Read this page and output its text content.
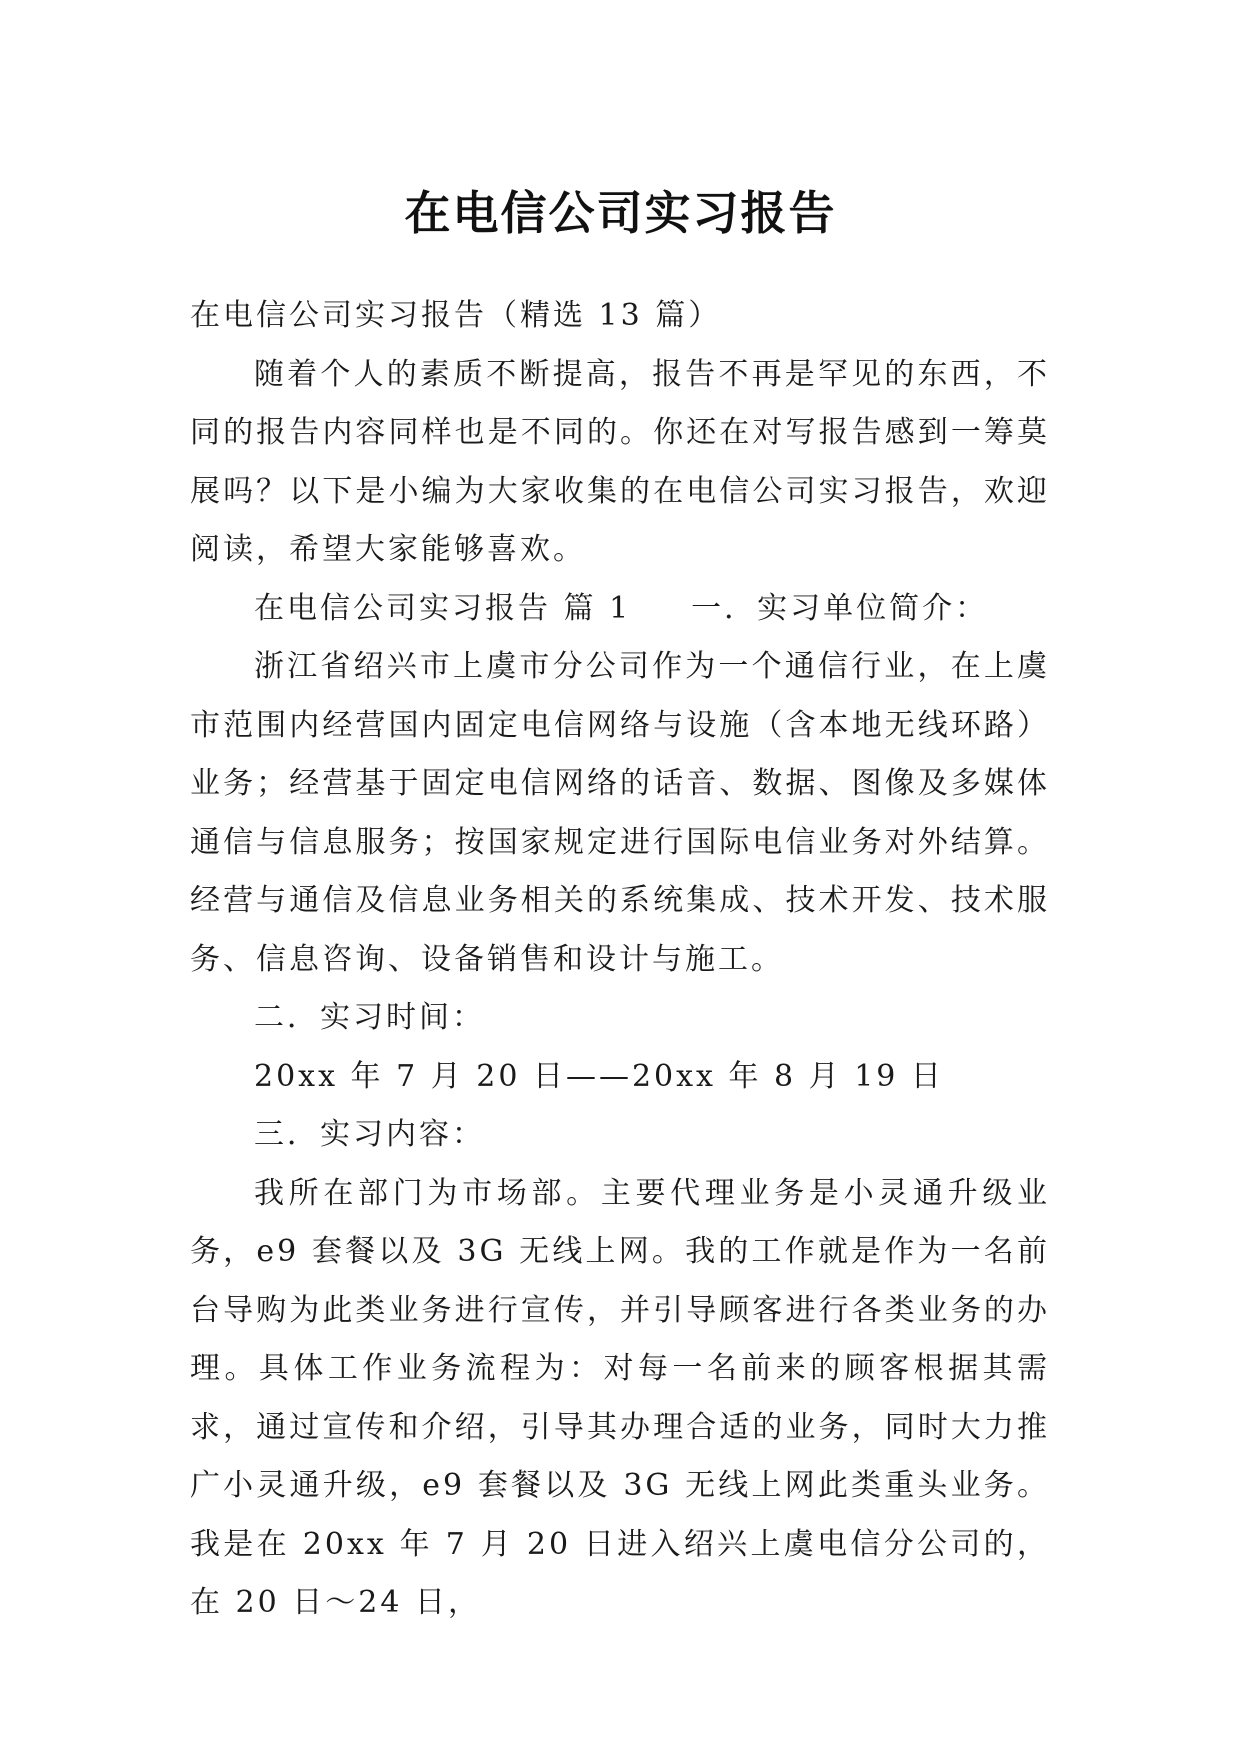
在电信公司实习报告

在电信公司实习报告（精选 13 篇）

随着个人的素质不断提高，报告不再是罕见的东西，不同的报告内容同样也是不同的。你还在对写报告感到一筹莫展吗？以下是小编为大家收集的在电信公司实习报告，欢迎阅读，希望大家能够喜欢。

在电信公司实习报告 篇 1 一．实习单位简介：

浙江省绍兴市上虞市分公司作为一个通信行业，在上虞市范围内经营国内固定电信网络与设施（含本地无线环路）业务；经营基于固定电信网络的话音、数据、图像及多媒体通信与信息服务；按国家规定进行国际电信业务对外结算。经营与通信及信息业务相关的系统集成、技术开发、技术服务、信息咨询、设备销售和设计与施工。

二．实习时间：

20xx 年 7 月 20 日——20xx 年 8 月 19 日

三．实习内容：

我所在部门为市场部。主要代理业务是小灵通升级业务，e9 套餐以及 3G 无线上网。我的工作就是作为一名前台导购为此类业务进行宣传，并引导顾客进行各类业务的办理。具体工作业务流程为：对每一名前来的顾客根据其需求，通过宣传和介绍，引导其办理合适的业务，同时大力推广小灵通升级，e9 套餐以及 3G 无线上网此类重头业务。我是在 20xx 年 7 月 20 日进入绍兴上虞电信分公司的，在 20 日～24 日，
